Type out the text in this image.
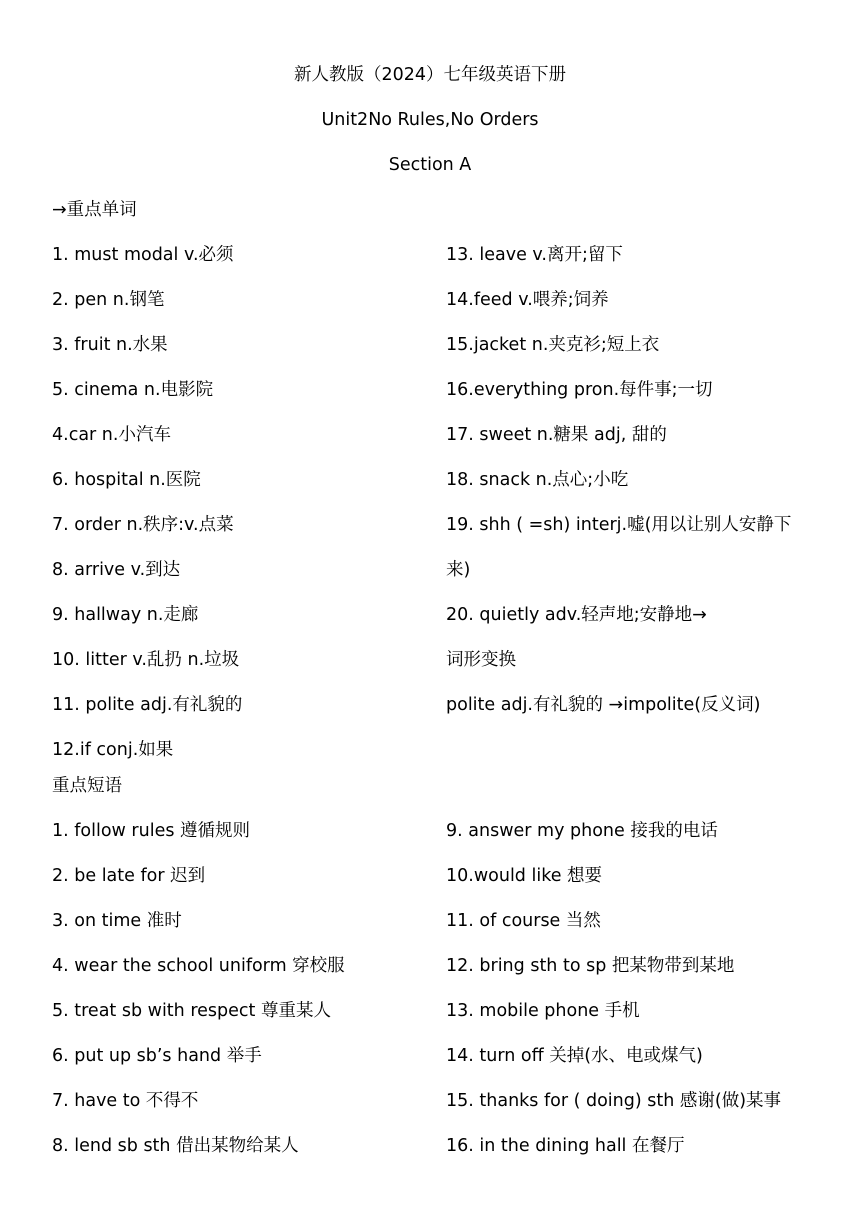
新人教版（2024）七年级英语下册
Unit2No Rules,No Orders
Section A
→重点单词
1. must modal v.必须
2. pen n.钢笔
3. fruit n.水果
5. cinema n.电影院
4.car n.小汽车
6. hospital n.医院
7. order n.秩序:v.点菜
8. arrive v.到达
9. hallway n.走廊
10. litter v.乱扔 n.垃圾
11. polite adj.有礼貌的
12.if conj.如果
13. leave v.离开;留下
14.feed v.喂养;饲养
15.jacket n.夹克衫;短上衣
16.everything pron.每件事;一切
17. sweet n.糖果 adj, 甜的
18. snack n.点心;小吃
19. shh ( =sh) interj.嘘(用以让别人安静下
来)
20. quietly adv.轻声地;安静地→
词形变换
polite adj.有礼貌的 →impolite(反义词)
重点短语
1. follow rules 遵循规则
2. be late for 迟到
3. on time 准时
4. wear the school uniform 穿校服
5. treat sb with respect 尊重某人
6. put up sb’s hand 举手
7. have to 不得不
8. lend sb sth 借出某物给某人
9. answer my phone 接我的电话
10.would like 想要
11. of course 当然
12. bring sth to sp 把某物带到某地
13. mobile phone 手机
14. turn off 关掉(水、电或煤气)
15. thanks for ( doing) sth 感谢(做)某事
16. in the dining hall 在餐厅
